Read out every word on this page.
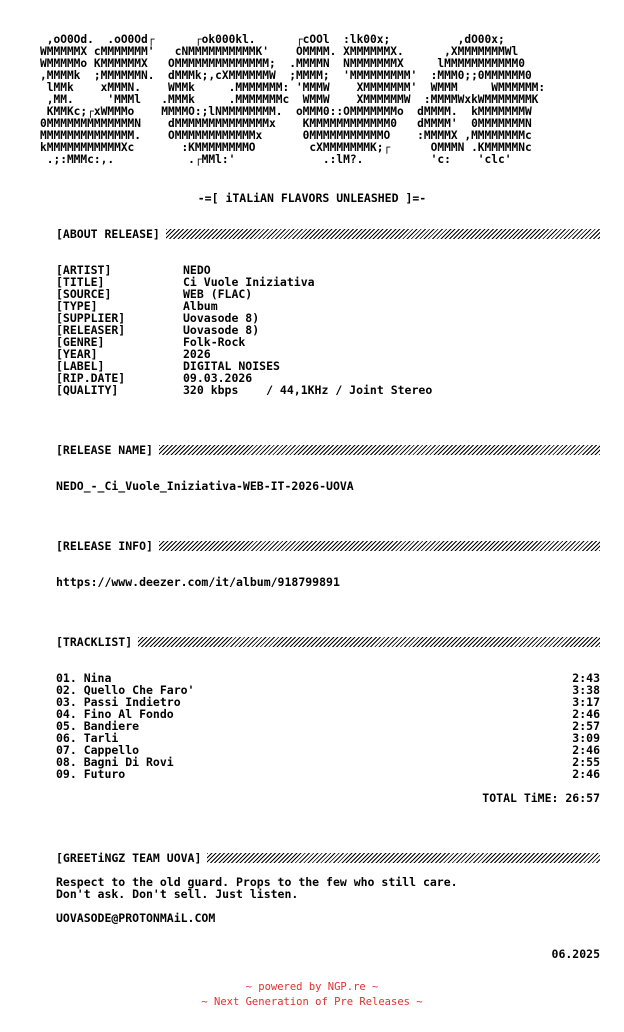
,oO0Od.  .oO0Od┌      ┌ok000kl.      ┌cOOl  :lk00x;          ,dO00x;
WMMMMMX cMMMMMMM'   cNMMMMMMMMMMK'    OMMMM. XMMMMMMX.      ,XMMMMMMMWl
WMMMMMo KMMMMMMX   OMMMMMMMMMMMMMM;  .MMMMN  NMMMMMMMX     lMMMMMMMMMMM0
,MMMMk  ;MMMMMMN.  dMMMk;,cXMMMMMMW  ;MMMM;  'MMMMMMMMM'  :MMM0;;0MMMMMM0
lMMk    xMMMN.    WMMk     .MMMMMMM: 'MMMW    XMMMMMMM'  WMMM     WMMMMMM:
,MM.     'MMMl   .MMMk     .MMMMMMMc  WMMW    XMMMMMMW  :MMMMWxkWMMMMMMMK
KMMKc;┌xWMMMo    MMMMO:;lNMMMMMMMM.  oMMM0::OMMMMMMMo  dMMMM.  kMMMMMMMW
0MMMMMMMMMMMMMN    dMMMMMMMMMMMMMMx    KMMMMMMMMMMMM0   dMMMM'  0MMMMMMMN
MMMMMMMMMMMMMM.    OMMMMMMMMMMMMx      0MMMMMMMMMMMO    :MMMMX ,MMMMMMMMc
kMMMMMMMMMMMXc       :KMMMMMMMMO        cXMMMMMMMK;┌      OMMMN .KMMMMMNc
.;:MMMc:,.           .┌MMl:'             .:lM?.          'c:    'clc'
-=[ iTALiAN FLAVORS UNLEASHED ]=-
[ABOUT RELEASE]
[ARTIST]	NEDO
[TITLE]	Ci Vuole Iniziativa
[SOURCE]	WEB (FLAC)
[TYPE]	Album
[SUPPLIER]	Uovasode 8)
[RELEASER]	Uovasode 8)
[GENRE]	Folk-Rock
[YEAR]	2026
[LABEL]	DIGITAL NOISES
[RIP.DATE]	09.03.2026
[QUALITY]	320 kbps    / 44,1KHz / Joint Stereo
[RELEASE NAME]
NEDO_-_Ci_Vuole_Iniziativa-WEB-IT-2026-UOVA
[RELEASE INFO]
https://www.deezer.com/it/album/918799891
[TRACKLIST]
01. Nina	2:43
02. Quello Che Faro'	3:38
03. Passi Indietro	3:17
04. Fino Al Fondo	2:46
05. Bandiere	2:57
06. Tarli	3:09
07. Cappello	2:46
08. Bagni Di Rovi	2:55
09. Futuro	2:46
TOTAL TiME: 26:57
[GREETiNGZ TEAM UOVA]
Respect to the old guard. Props to the few who still care.
Don't ask. Don't sell. Just listen.
UOVASODE@PROTONMAiL.COM
06.2025
~ powered by NGP.re ~
~ Next Generation of Pre Releases ~
